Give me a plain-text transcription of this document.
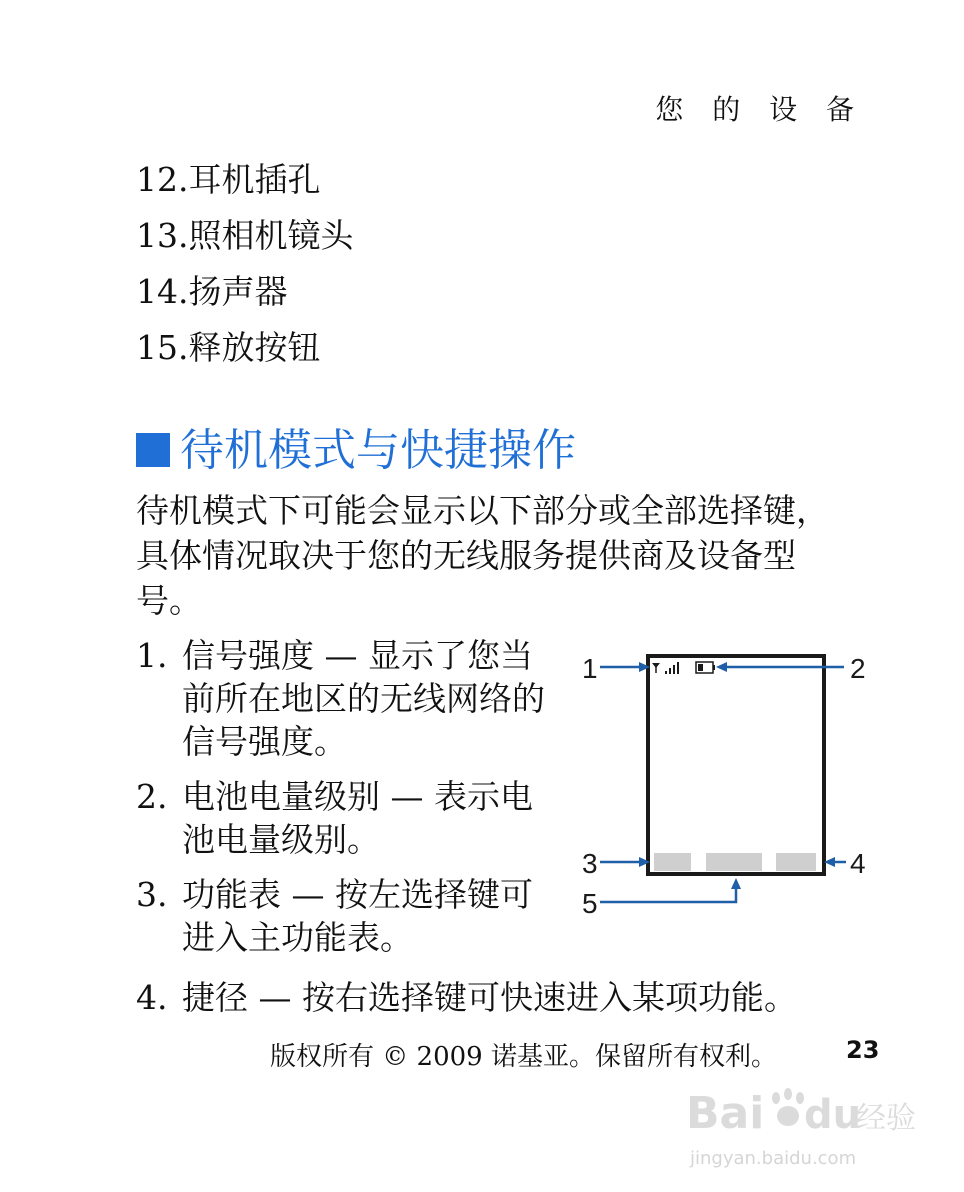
您 的 设 备
12.耳机插孔
13.照相机镜头
14.扬声器
15.释放按钮
待机模式与快捷操作
待机模式下可能会显示以下部分或全部选择键，具体情况取决于您的无线服务提供商及设备型号。
1. 信号强度 — 显示了您当前所在地区的无线网络的信号强度。
2. 电池电量级别 — 表示电池电量级别。
3. 功能表 — 按左选择键可进入主功能表。
4. 捷径 — 按右选择键可快速进入某项功能。
1	2
3	4
5
版权所有 © 2009 诺基亚。保留所有权利。	23
Bai du
经验
jingyan.baidu.com
